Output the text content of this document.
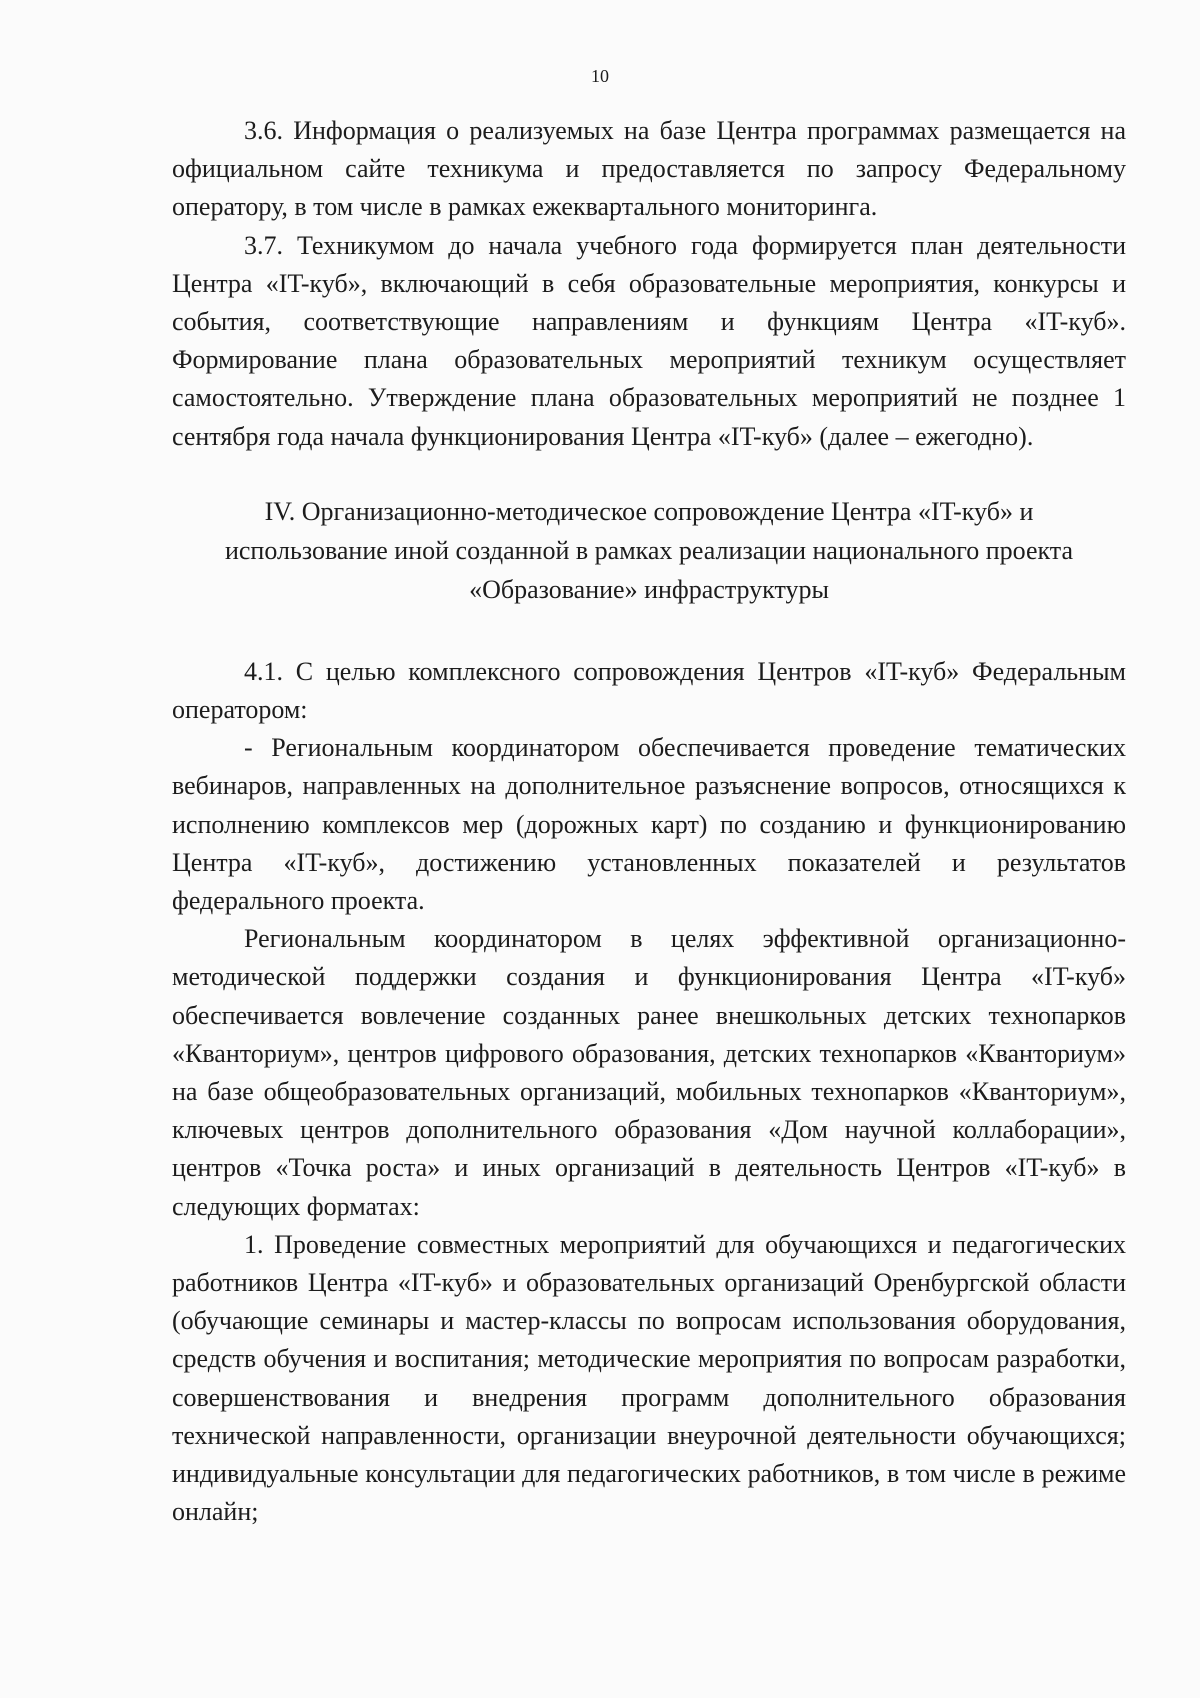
10

3.6. Информация о реализуемых на базе Центра программах размещается на официальном сайте техникума и предоставляется по запросу Федеральному оператору, в том числе в рамках ежеквартального мониторинга.

3.7. Техникумом до начала учебного года формируется план деятельности Центра «IT-куб», включающий в себя образовательные мероприятия, конкурсы и события, соответствующие направлениям и функциям Центра «IT-куб». Формирование плана образовательных мероприятий техникум осуществляет самостоятельно. Утверждение плана образовательных мероприятий не позднее 1 сентября года начала функционирования Центра «IT-куб» (далее – ежегодно).

IV. Организационно-методическое сопровождение Центра «IT-куб» и
использование иной созданной в рамках реализации национального проекта
«Образование» инфраструктуры

4.1. С целью комплексного сопровождения Центров «IT-куб» Федеральным оператором:

- Региональным координатором обеспечивается проведение тематических вебинаров, направленных на дополнительное разъяснение вопросов, относящихся к исполнению комплексов мер (дорожных карт) по созданию и функционированию Центра «IT-куб», достижению установленных показателей и результатов федерального проекта.

Региональным координатором в целях эффективной организационно-методической поддержки создания и функционирования Центра «IT-куб» обеспечивается вовлечение созданных ранее внешкольных детских технопарков «Кванториум», центров цифрового образования, детских технопарков «Кванториум» на базе общеобразовательных организаций, мобильных технопарков «Кванториум», ключевых центров дополнительного образования «Дом научной коллаборации», центров «Точка роста» и иных организаций в деятельность Центров «IT-куб» в следующих форматах:

1. Проведение совместных мероприятий для обучающихся и педагогических работников Центра «IT-куб» и образовательных организаций Оренбургской области (обучающие семинары и мастер-классы по вопросам использования оборудования, средств обучения и воспитания; методические мероприятия по вопросам разработки, совершенствования и внедрения программ дополнительного образования технической направленности, организации внеурочной деятельности обучающихся; индивидуальные консультации для педагогических работников, в том числе в режиме онлайн;
